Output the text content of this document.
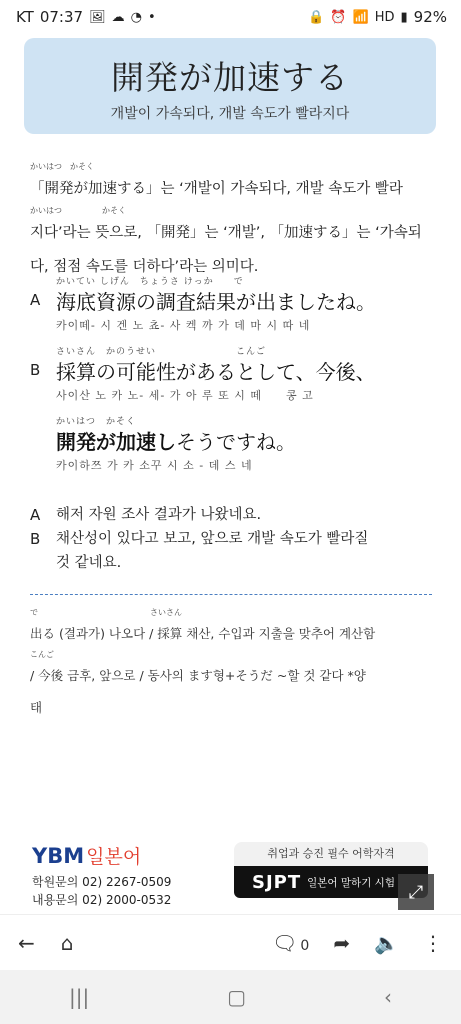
KT 07:37 🖼 ☁ ◔ •	🔒 ⏰ 📶 HD ▮ 92%
開発が加速する
개발이 가속되다, 개발 속도가 빨라지다
かいはつ　かそく
「開発が加速する」는 ‘개발이 가속되다, 개발 속도가 빨라
かいはつ　　　　　かそく
지다’라는 뜻으로, 「開発」는 ‘개발’, 「加速する」는 ‘가속되
다, 점점 속도를 더하다’라는 의미다.
かいてい しげん　ちょうさ けっか　　で
A 海底資源の調査結果が出ましたね。
카이떼- 시 겐 노 쵸- 사 켁 까 가 데 마 시 따 네
さいさん　かのうせい　　　　　　　　こんご
B 採算の可能性があるとして、今後、
사이산 노 카 노- 세- 가 아 루 또 시 떼　　콩 고
かいはつ　かそく
開発が加速し そうですね。
카이하쯔 가 카 소꾸 시 소 - 데 스 네
A	해저 자원 조사 결과가 나왔네요.
B	채산성이 있다고 보고, 앞으로 개발 속도가 빨라질
것 같네요.
で　　　　　　　　　　　　　　さいさん
出る (결과가) 나오다 / 採算 채산, 수입과 지출을 맞추어 계산함
こんご
/ 今後 금후, 앞으로 / 동사의 ます형+そうだ ~할 것 같다 *양
태
YBM 일본어
학원문의 02) 2267-0509
내용문의 02) 2000-0532
취업과 승진 필수 어학자격
SJPT 일본어 말하기 시험 ⤢
← ⌂	🗨 0 ➦ 🔈 ⋮
|||	▢	‹
